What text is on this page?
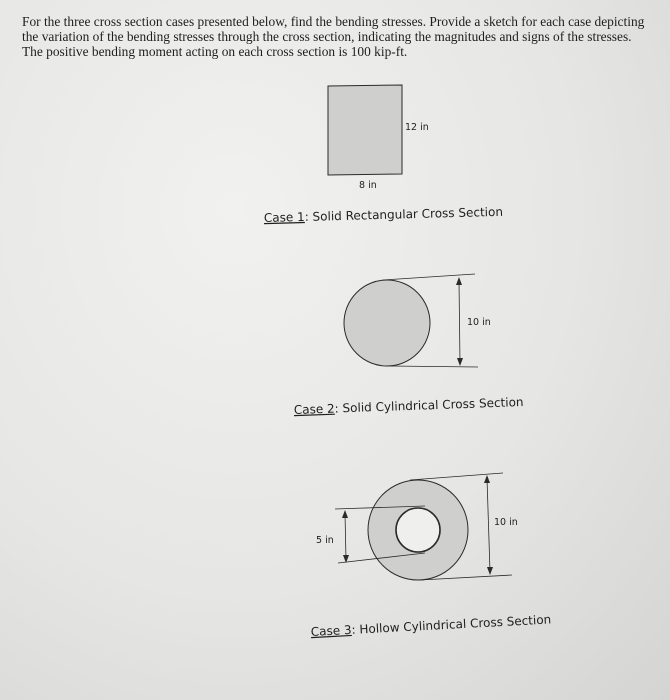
For the three cross section cases presented below, find the bending stresses. Provide a sketch for each case depicting the variation of the bending stresses through the cross section, indicating the magnitudes and signs of the stresses. The positive bending moment acting on each cross section is 100 kip-ft.

12 in
8 in
Case 1: Solid Rectangular Cross Section
10 in
Case 2: Solid Cylindrical Cross Section
5 in
10 in
Case 3: Hollow Cylindrical Cross Section
